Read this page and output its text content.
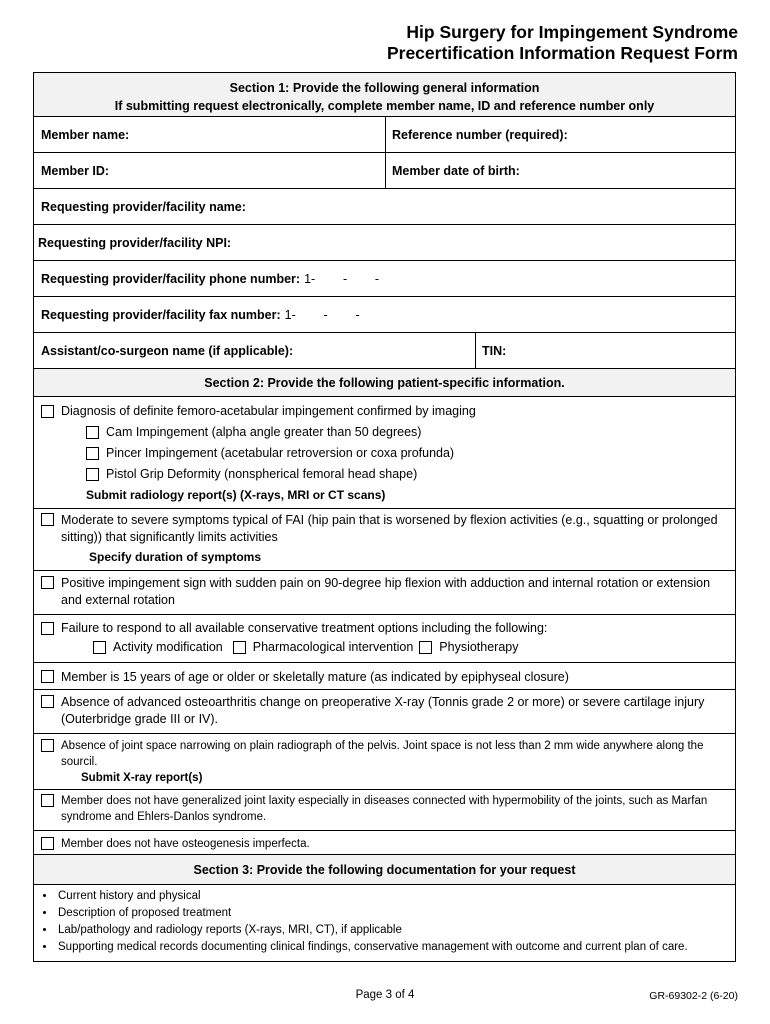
Hip Surgery for Impingement Syndrome
Precertification Information Request Form
Section 1: Provide the following general information
If submitting request electronically, complete member name, ID and reference number only
Member name:	Reference number (required):
Member ID:	Member date of birth:
Requesting provider/facility name:
Requesting provider/facility NPI:
Requesting provider/facility phone number: 1-        -        -
Requesting provider/facility fax number: 1-        -        -
Assistant/co-surgeon name (if applicable):	TIN:
Section 2: Provide the following patient-specific information.
Diagnosis of definite femoro-acetabular impingement confirmed by imaging
Cam Impingement (alpha angle greater than 50 degrees)
Pincer Impingement (acetabular retroversion or coxa profunda)
Pistol Grip Deformity (nonspherical femoral head shape)
Submit radiology report(s) (X-rays, MRI or CT scans)
Moderate to severe symptoms typical of FAI (hip pain that is worsened by flexion activities (e.g., squatting or prolonged sitting)) that significantly limits activities
Specify duration of symptoms
Positive impingement sign with sudden pain on 90-degree hip flexion with adduction and internal rotation or extension and external rotation
Failure to respond to all available conservative treatment options including the following:
Activity modification Pharmacological intervention Physiotherapy
Member is 15 years of age or older or skeletally mature (as indicated by epiphyseal closure)
Absence of advanced osteoarthritis change on preoperative X-ray (Tonnis grade 2 or more) or severe cartilage injury (Outerbridge grade III or IV).
Absence of joint space narrowing on plain radiograph of the pelvis. Joint space is not less than 2 mm wide anywhere along the sourcil.
Submit X-ray report(s)
Member does not have generalized joint laxity especially in diseases connected with hypermobility of the joints, such as Marfan syndrome and Ehlers-Danlos syndrome.
Member does not have osteogenesis imperfecta.
Section 3: Provide the following documentation for your request
• Current history and physical
• Description of proposed treatment
• Lab/pathology and radiology reports (X-rays, MRI, CT), if applicable
• Supporting medical records documenting clinical findings, conservative management with outcome and current plan of care.
Page 3 of 4	GR-69302-2 (6-20)
